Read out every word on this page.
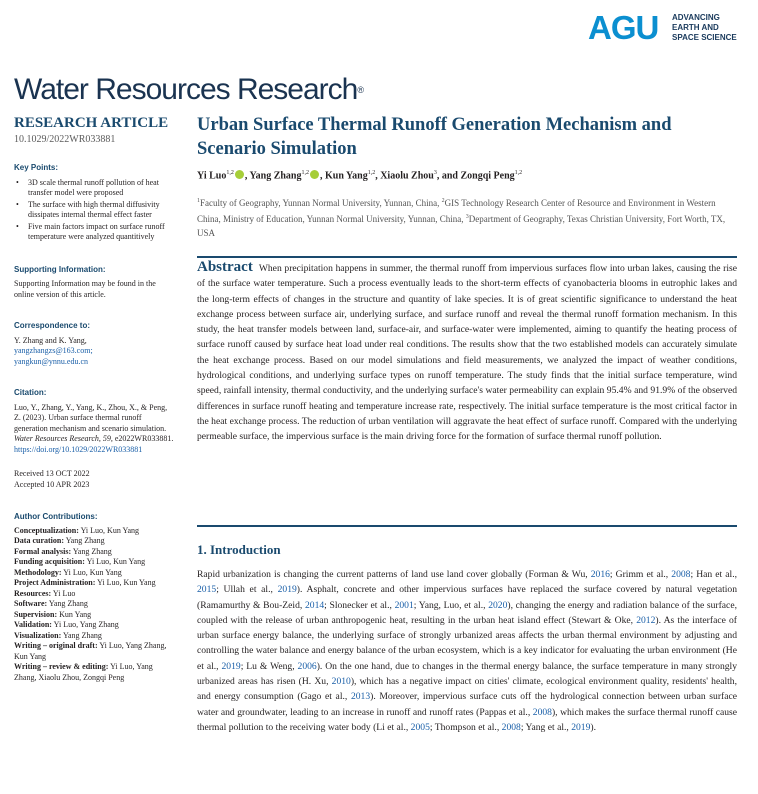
AGU ADVANCING
EARTH AND
SPACE SCIENCE
Water Resources Research®
RESEARCH ARTICLE
10.1029/2022WR033881
Key Points:
• 3D scale thermal runoff pollution of heat transfer model were proposed
• The surface with high thermal diffusivity dissipates internal thermal effect faster
• Five main factors impact on surface runoff temperature were analyzed quantitively
Supporting Information:
Supporting Information may be found in the online version of this article.
Correspondence to:
Y. Zhang and K. Yang,
yangzhangzs@163.com;
yangkun@ynnu.edu.cn
Citation:
Luo, Y., Zhang, Y., Yang, K., Zhou, X., & Peng, Z. (2023). Urban surface thermal runoff generation mechanism and scenario simulation. Water Resources Research, 59, e2022WR033881. https://doi.org/10.1029/2022WR033881
Received 13 OCT 2022
Accepted 10 APR 2023
Author Contributions:
Conceptualization: Yi Luo, Kun Yang
Data curation: Yang Zhang
Formal analysis: Yang Zhang
Funding acquisition: Yi Luo, Kun Yang
Methodology: Yi Luo, Kun Yang
Project Administration: Yi Luo, Kun Yang
Resources: Yi Luo
Software: Yang Zhang
Supervision: Kun Yang
Validation: Yi Luo, Yang Zhang
Visualization: Yang Zhang
Writing – original draft: Yi Luo, Yang Zhang, Kun Yang
Writing – review & editing: Yi Luo, Yang Zhang, Xiaolu Zhou, Zongqi Peng
Urban Surface Thermal Runoff Generation Mechanism and Scenario Simulation
Yi Luo$^{1,2}$ , Yang Zhang$^{1,2}$ , Kun Yang$^{1,2}$, Xiaolu Zhou$^3$, and Zongqi Peng$^{1,2}$
$^1$Faculty of Geography, Yunnan Normal University, Yunnan, China, $^2$GIS Technology Research Center of Resource and Environment in Western China, Ministry of Education, Yunnan Normal University, Yunnan, China, $^3$Department of Geography, Texas Christian University, Fort Worth, TX, USA
Abstract When precipitation happens in summer, the thermal runoff from impervious surfaces flow into urban lakes, causing the rise of the surface water temperature. Such a process eventually leads to the short-term effects of cyanobacteria blooms in eutrophic lakes and the long-term effects of changes in the structure and quantity of lake species. It is of great scientific significance to understand the heat exchange process between surface air, underlying surface, and surface runoff and reveal the thermal runoff formation mechanism. In this study, the heat transfer models between land, surface-air, and surface-water were implemented, aiming to quantify the heating process of surface runoff caused by surface heat load under real conditions. The results show that the two established models can accurately simulate the heat exchange process. Based on our model simulations and field measurements, we analyzed the impact of weather conditions, hydrological conditions, and underlying surface types on runoff temperature. The study finds that the initial surface temperature, wind speed, rainfall intensity, thermal conductivity, and the underlying surface's water permeability can explain 95.4% and 91.9% of the observed differences in surface runoff heating and temperature increase rate, respectively. The initial surface temperature is the most critical factor in the heat exchange process. The reduction of urban ventilation will aggravate the heat effect of surface runoff. Compared with the underlying permeable surface, the impervious surface is the main driving force for the formation of surface thermal runoff pollution.
1. Introduction
Rapid urbanization is changing the current patterns of land use land cover globally (Forman & Wu, 2016; Grimm et al., 2008; Han et al., 2015; Ullah et al., 2019). Asphalt, concrete and other impervious surfaces have replaced the surface covered by natural vegetation (Ramamurthy & Bou-Zeid, 2014; Slonecker et al., 2001; Yang, Luo, et al., 2020), changing the energy and radiation balance of the surface, coupled with the release of urban anthropogenic heat, resulting in the urban heat island effect (Stewart & Oke, 2012). As the interface of urban surface energy balance, the underlying surface of strongly urbanized areas affects the urban thermal environment by adjusting and controlling the water balance and energy balance of the urban ecosystem, which is a key indicator for evaluating the urban environment (He et al., 2019; Lu & Weng, 2006). On the one hand, due to changes in the thermal energy balance, the surface temperature in many strongly urbanized areas has risen (H. Xu, 2010), which has a negative impact on cities' climate, ecological environment quality, residents' health, and energy consumption (Gago et al., 2013). Moreover, impervious surface cuts off the hydrological connection between urban surface water and groundwater, leading to an increase in runoff and runoff rates (Pappas et al., 2008), which makes the surface thermal runoff cause thermal pollution to the receiving water body (Li et al., 2005; Thompson et al., 2008; Yang et al., 2019).
